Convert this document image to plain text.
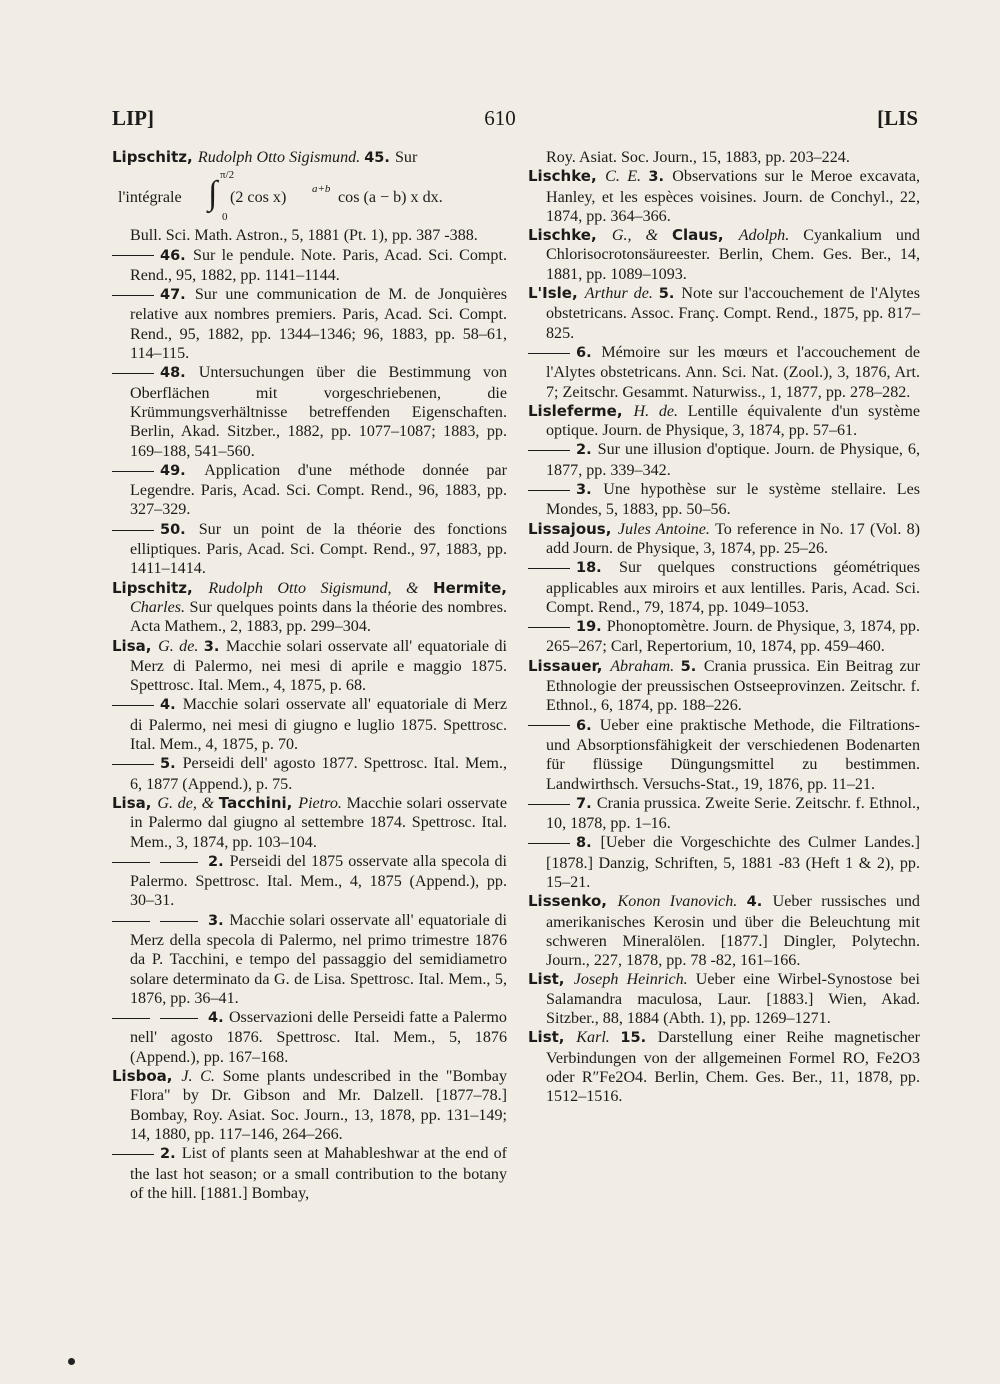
LIP]	610	[LIS

Lipschitz, Rudolph Otto Sigismund. 45. Sur

l'intégrale
π/2
∫
0
(2 cos x) a+b cos (a − b) x dx.

Bull. Sci. Math. Astron., 5, 1881 (Pt. 1), pp. 387 -388.

46. Sur le pendule. Note. Paris, Acad. Sci. Compt. Rend., 95, 1882, pp. 1141–1144.

47. Sur une communication de M. de Jonquières relative aux nombres premiers. Paris, Acad. Sci. Compt. Rend., 95, 1882, pp. 1344–1346; 96, 1883, pp. 58–61, 114–115.

48. Untersuchungen über die Bestimmung von Oberflächen mit vorgeschriebenen, die Krümmungsverhältnisse betreffenden Eigenschaften. Berlin, Akad. Sitzber., 1882, pp. 1077–1087; 1883, pp. 169–188, 541–560.

49. Application d'une méthode donnée par Legendre. Paris, Acad. Sci. Compt. Rend., 96, 1883, pp. 327–329.

50. Sur un point de la théorie des fonctions elliptiques. Paris, Acad. Sci. Compt. Rend., 97, 1883, pp. 1411–1414.

Lipschitz, Rudolph Otto Sigismund, & Hermite, Charles. Sur quelques points dans la théorie des nombres. Acta Mathem., 2, 1883, pp. 299–304.

Lisa, G. de. 3. Macchie solari osservate all' equatoriale di Merz di Palermo, nei mesi di aprile e maggio 1875. Spettrosc. Ital. Mem., 4, 1875, p. 68.

4. Macchie solari osservate all' equatoriale di Merz di Palermo, nei mesi di giugno e luglio 1875. Spettrosc. Ital. Mem., 4, 1875, p. 70.

5. Perseidi dell' agosto 1877. Spettrosc. Ital. Mem., 6, 1877 (Append.), p. 75.

Lisa, G. de, & Tacchini, Pietro. Macchie solari osservate in Palermo dal giugno al settembre 1874. Spettrosc. Ital. Mem., 3, 1874, pp. 103–104.

2. Perseidi del 1875 osservate alla specola di Palermo. Spettrosc. Ital. Mem., 4, 1875 (Append.), pp. 30–31.

3. Macchie solari osservate all' equatoriale di Merz della specola di Palermo, nel primo trimestre 1876 da P. Tacchini, e tempo del passaggio del semidiametro solare determinato da G. de Lisa. Spettrosc. Ital. Mem., 5, 1876, pp. 36–41.

4. Osservazioni delle Perseidi fatte a Palermo nell' agosto 1876. Spettrosc. Ital. Mem., 5, 1876 (Append.), pp. 167–168.

Lisboa, J. C. Some plants undescribed in the "Bombay Flora" by Dr. Gibson and Mr. Dalzell. [1877–78.] Bombay, Roy. Asiat. Soc. Journ., 13, 1878, pp. 131–149; 14, 1880, pp. 117–146, 264–266.

2. List of plants seen at Mahableshwar at the end of the last hot season; or a small contribution to the botany of the hill. [1881.] Bombay,

Roy. Asiat. Soc. Journ., 15, 1883, pp. 203–224.

Lischke, C. E. 3. Observations sur le Meroe excavata, Hanley, et les espèces voisines. Journ. de Conchyl., 22, 1874, pp. 364–366.

Lischke, G., & Claus, Adolph. Cyankalium und Chlorisocrotonsäureester. Berlin, Chem. Ges. Ber., 14, 1881, pp. 1089–1093.

L'Isle, Arthur de. 5. Note sur l'accouchement de l'Alytes obstetricans. Assoc. Franç. Compt. Rend., 1875, pp. 817–825.

6. Mémoire sur les mœurs et l'accouchement de l'Alytes obstetricans. Ann. Sci. Nat. (Zool.), 3, 1876, Art. 7; Zeitschr. Gesammt. Naturwiss., 1, 1877, pp. 278–282.

Lisleferme, H. de. Lentille équivalente d'un système optique. Journ. de Physique, 3, 1874, pp. 57–61.

2. Sur une illusion d'optique. Journ. de Physique, 6, 1877, pp. 339–342.

3. Une hypothèse sur le système stellaire. Les Mondes, 5, 1883, pp. 50–56.

Lissajous, Jules Antoine. To reference in No. 17 (Vol. 8) add Journ. de Physique, 3, 1874, pp. 25–26.

18. Sur quelques constructions géométriques applicables aux miroirs et aux lentilles. Paris, Acad. Sci. Compt. Rend., 79, 1874, pp. 1049–1053.

19. Phonoptomètre. Journ. de Physique, 3, 1874, pp. 265–267; Carl, Repertorium, 10, 1874, pp. 459–460.

Lissauer, Abraham. 5. Crania prussica. Ein Beitrag zur Ethnologie der preussischen Ostseeprovinzen. Zeitschr. f. Ethnol., 6, 1874, pp. 188–226.

6. Ueber eine praktische Methode, die Filtrations- und Absorptionsfähigkeit der verschiedenen Bodenarten für flüssige Düngungsmittel zu bestimmen. Landwirthsch. Versuchs-Stat., 19, 1876, pp. 11–21.

7. Crania prussica. Zweite Serie. Zeitschr. f. Ethnol., 10, 1878, pp. 1–16.

8. [Ueber die Vorgeschichte des Culmer Landes.] [1878.] Danzig, Schriften, 5, 1881 -83 (Heft 1 & 2), pp. 15–21.

Lissenko, Konon Ivanovich. 4. Ueber russisches und amerikanisches Kerosin und über die Beleuchtung mit schweren Mineralölen. [1877.] Dingler, Polytechn. Journ., 227, 1878, pp. 78 -82, 161–166.

List, Joseph Heinrich. Ueber eine Wirbel-Synostose bei Salamandra maculosa, Laur. [1883.] Wien, Akad. Sitzber., 88, 1884 (Abth. 1), pp. 1269–1271.

List, Karl. 15. Darstellung einer Reihe magnetischer Verbindungen von der allgemeinen Formel RO, Fe2O3 oder R″Fe2O4. Berlin, Chem. Ges. Ber., 11, 1878, pp. 1512–1516.
